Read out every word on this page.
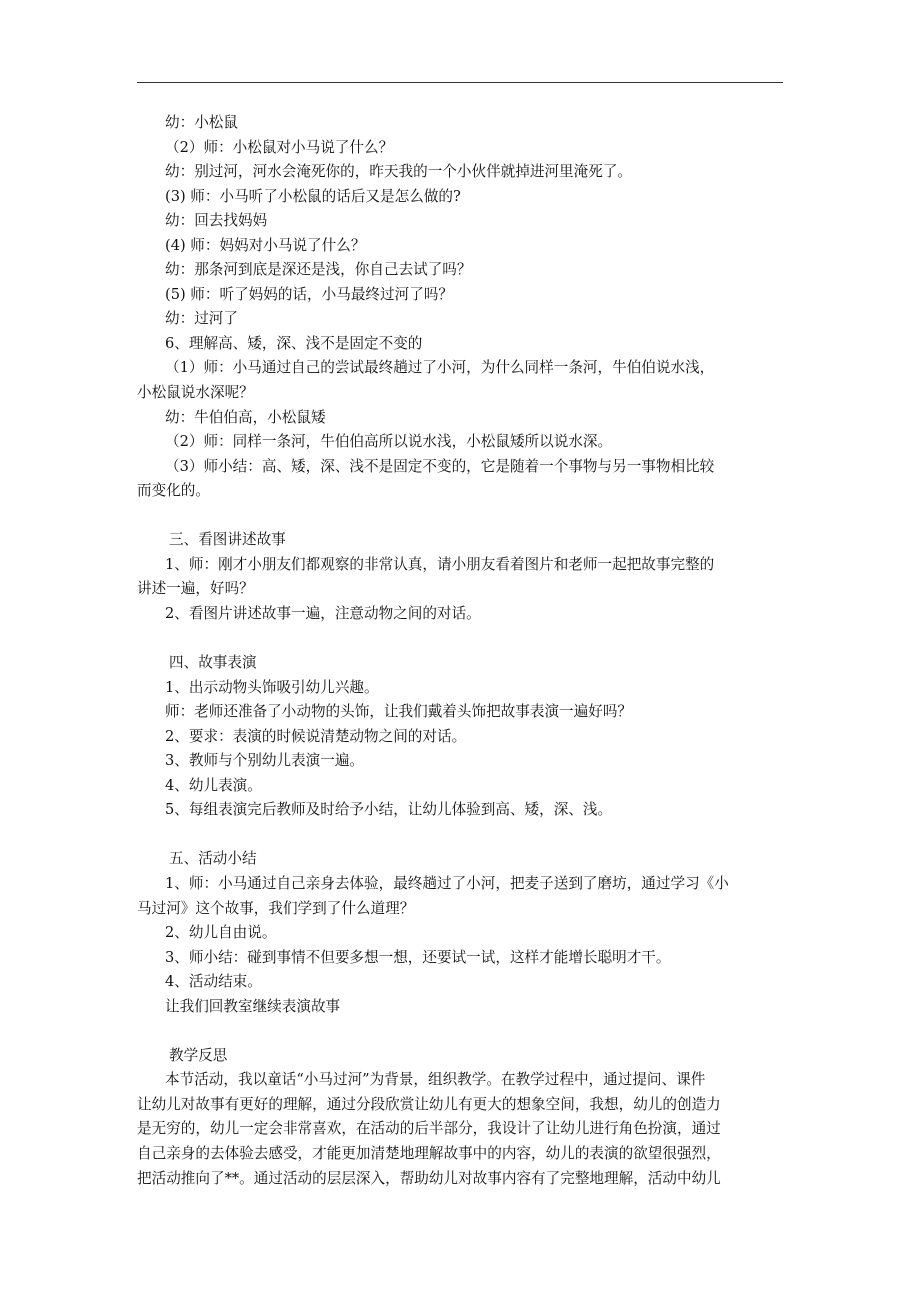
幼：小松鼠
（2）师：小松鼠对小马说了什么？
幼：别过河，河水会淹死你的，昨天我的一个小伙伴就掉进河里淹死了。
(3) 师：小马听了小松鼠的话后又是怎么做的?
幼：回去找妈妈
(4) 师：妈妈对小马说了什么？
幼：那条河到底是深还是浅，你自己去试了吗？
(5) 师：听了妈妈的话，小马最终过河了吗？
幼：过河了
6、理解高、矮，深、浅不是固定不变的
（1）师：小马通过自己的尝试最终趟过了小河，为什么同样一条河，牛伯伯说水浅，
小松鼠说水深呢？
幼：牛伯伯高，小松鼠矮
（2）师：同样一条河，牛伯伯高所以说水浅，小松鼠矮所以说水深。
（3）师小结：高、矮，深、浅不是固定不变的，它是随着一个事物与另一事物相比较
而变化的。
三、看图讲述故事
1、师：刚才小朋友们都观察的非常认真，请小朋友看着图片和老师一起把故事完整的
讲述一遍，好吗？
2、看图片讲述故事一遍，注意动物之间的对话。
四、故事表演
1、出示动物头饰吸引幼儿兴趣。
师：老师还准备了小动物的头饰，让我们戴着头饰把故事表演一遍好吗？
2、要求：表演的时候说清楚动物之间的对话。
3、教师与个别幼儿表演一遍。
4、幼儿表演。
5、每组表演完后教师及时给予小结，让幼儿体验到高、矮，深、浅。
五、活动小结
1、师：小马通过自己亲身去体验，最终趟过了小河，把麦子送到了磨坊，通过学习《小
马过河》这个故事，我们学到了什么道理？
2、幼儿自由说。
3、师小结：碰到事情不但要多想一想，还要试一试，这样才能增长聪明才干。
4、活动结束。
让我们回教室继续表演故事
教学反思
本节活动，我以童话“小马过河”为背景，组织教学。在教学过程中，通过提问、课件
让幼儿对故事有更好的理解，通过分段欣赏让幼儿有更大的想象空间，我想，幼儿的创造力
是无穷的，幼儿一定会非常喜欢，在活动的后半部分，我设计了让幼儿进行角色扮演，通过
自己亲身的去体验去感受，才能更加清楚地理解故事中的内容，幼儿的表演的欲望很强烈，
把活动推向了**。通过活动的层层深入，帮助幼儿对故事内容有了完整地理解，活动中幼儿
